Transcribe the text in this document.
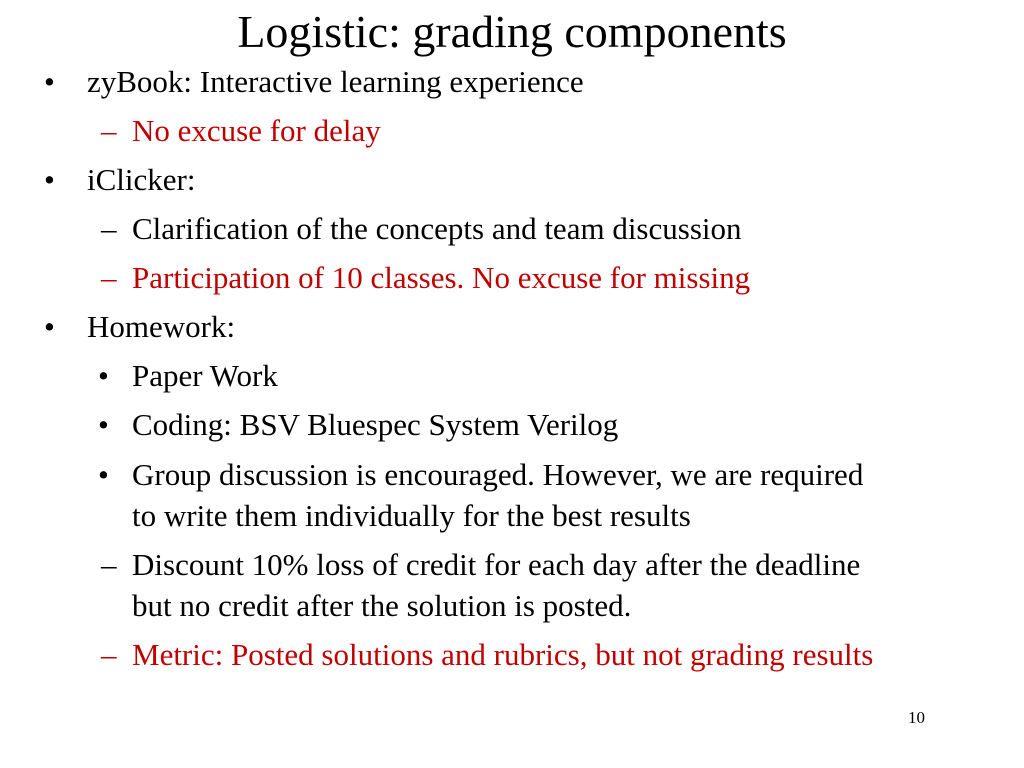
Logistic: grading components
• zyBook: Interactive learning experience
– No excuse for delay
• iClicker:
– Clarification of the concepts and team discussion
– Participation of 10 classes. No excuse for missing
• Homework:
• Paper Work
• Coding: BSV Bluespec System Verilog
• Group discussion is encouraged. However, we are required
to write them individually for the best results
– Discount 10% loss of credit for each day after the deadline
but no credit after the solution is posted.
– Metric: Posted solutions and rubrics, but not grading results
10
